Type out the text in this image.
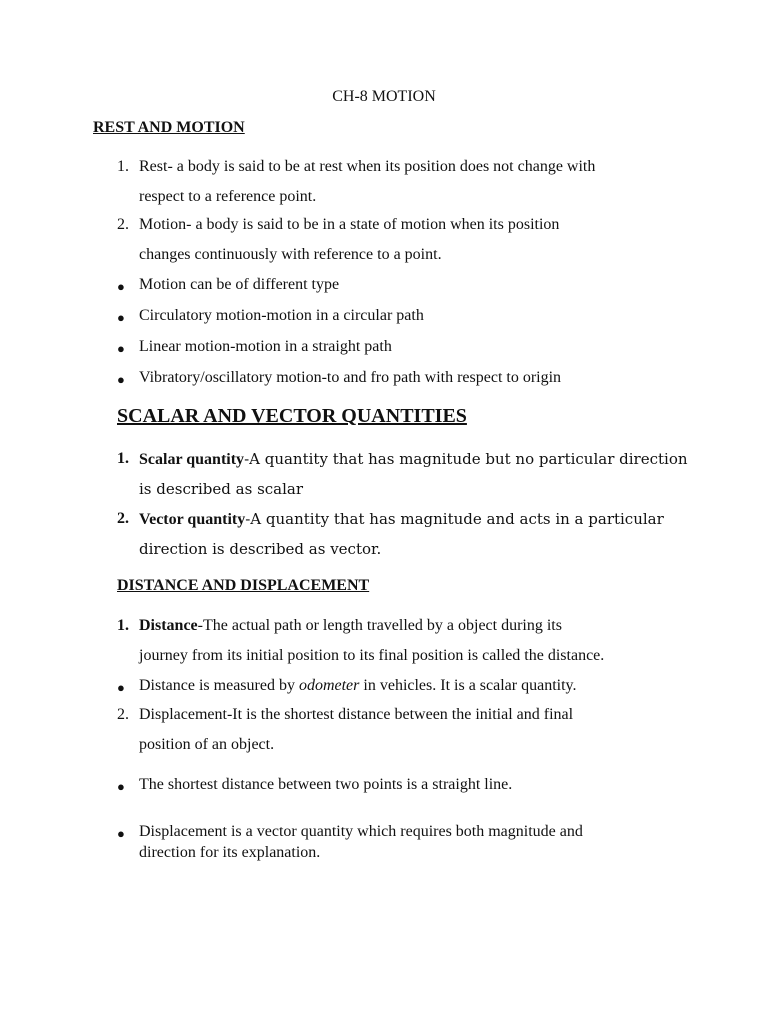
CH-8 MOTION
REST AND MOTION
1. Rest- a body is said to be at rest when its position does not change with
respect to a reference point.
2. Motion- a body is said to be in a state of motion when its position
changes continuously with reference to a point.
● Motion can be of different type
● Circulatory motion-motion in a circular path
● Linear motion-motion in a straight path
● Vibratory/oscillatory motion-to and fro path with respect to origin
SCALAR AND VECTOR QUANTITIES
1. Scalar quantity-A quantity that has magnitude but no particular direction
is described as scalar
2. Vector quantity-A quantity that has magnitude and acts in a particular
direction is described as vector.
DISTANCE AND DISPLACEMENT
1. Distance-The actual path or length travelled by a object during its
journey from its initial position to its final position is called the distance.
● Distance is measured by odometer in vehicles. It is a scalar quantity.
2. Displacement-It is the shortest distance between the initial and final
position of an object.
● The shortest distance between two points is a straight line.
● Displacement is a vector quantity which requires both magnitude and
direction for its explanation.
